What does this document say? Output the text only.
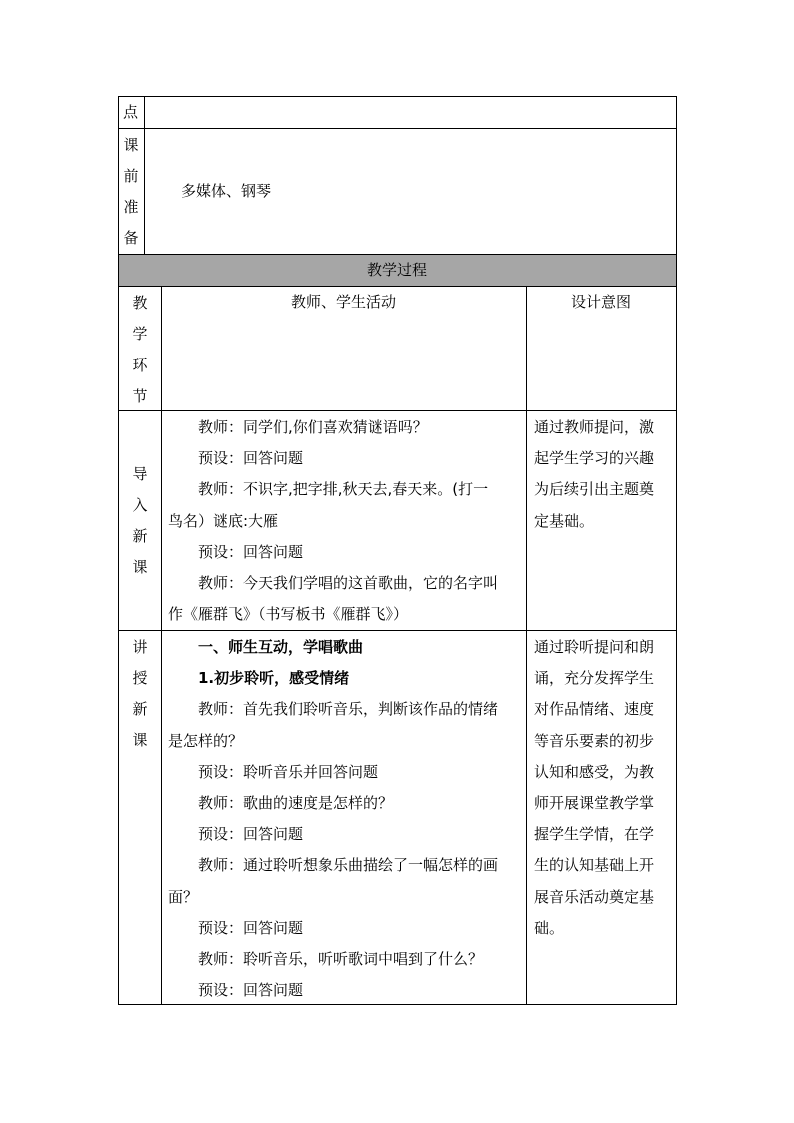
点
课
前
准
备
多媒体、钢琴
教学过程
教
学
环
节
教师、学生活动	设计意图
导
入
新
课

教师：同学们,你们喜欢猜谜语吗？

预设：回答问题

教师：不识字,把字排,秋天去,春天来。(打一

鸟名）谜底:大雁

预设：回答问题

教师：今天我们学唱的这首歌曲，它的名字叫

作《雁群飞》（书写板书《雁群飞》）

通过教师提问，激

起学生学习的兴趣

为后续引出主题奠

定基础。

讲
授
新
课

一、师生互动，学唱歌曲

1.初步聆听，感受情绪

教师：首先我们聆听音乐，判断该作品的情绪

是怎样的？

预设：聆听音乐并回答问题

教师：歌曲的速度是怎样的？

预设：回答问题

教师：通过聆听想象乐曲描绘了一幅怎样的画

面？

预设：回答问题

教师：聆听音乐，听听歌词中唱到了什么？

预设：回答问题

通过聆听提问和朗

诵，充分发挥学生

对作品情绪、速度

等音乐要素的初步

认知和感受，为教

师开展课堂教学掌

握学生学情，在学

生的认知基础上开

展音乐活动奠定基

础。
